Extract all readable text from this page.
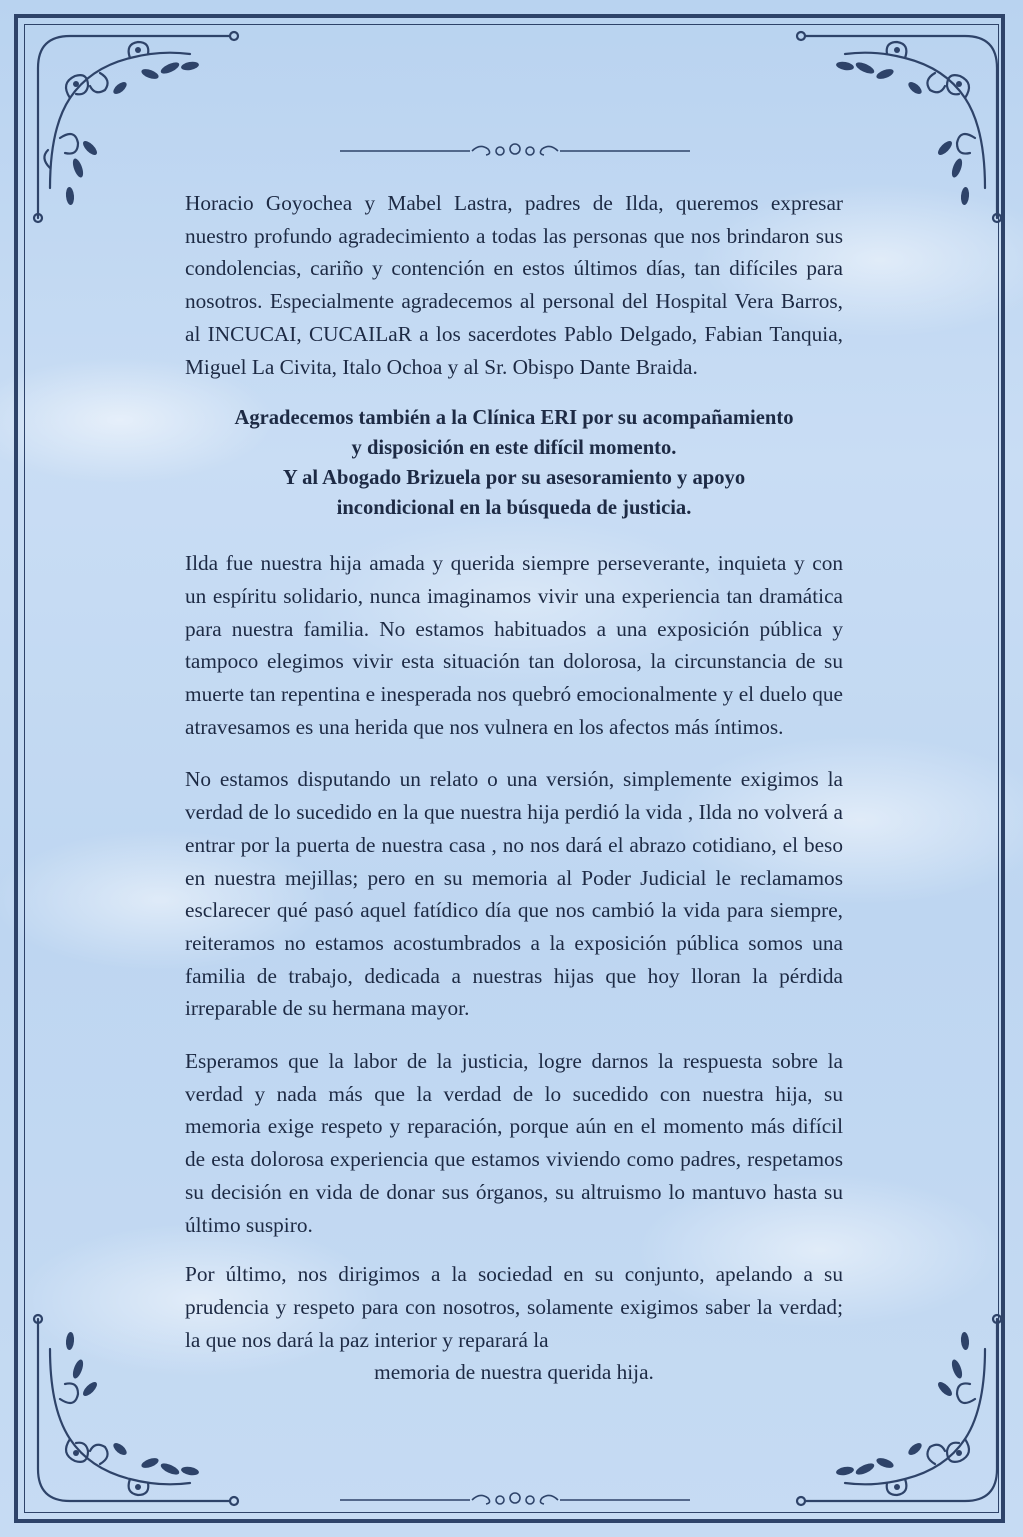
Horacio Goyochea y Mabel Lastra, padres de Ilda, queremos expresar nuestro profundo agradecimiento a todas las personas que nos brindaron sus condolencias, cariño y contención en estos últimos días, tan difíciles para nosotros. Especialmente agradecemos al personal del Hospital Vera Barros, al INCUCAI, CUCAILaR a los sacerdotes Pablo Delgado, Fabian Tanquia, Miguel La Civita, Italo Ochoa y al Sr. Obispo Dante Braida.

Agradecemos también a la Clínica ERI por su acompañamiento
y disposición en este difícil momento.
Y al Abogado Brizuela por su asesoramiento y apoyo
incondicional en la búsqueda de justicia.

Ilda fue nuestra hija amada y querida siempre perseverante, inquieta y con un espíritu solidario, nunca imaginamos vivir una experiencia tan dramática para nuestra familia. No estamos habituados a una exposición pública y tampoco elegimos vivir esta situación tan dolorosa, la circunstancia de su muerte tan repentina e inesperada nos quebró emocionalmente y el duelo que atravesamos es una herida que nos vulnera en los afectos más íntimos.

No estamos disputando un relato o una versión, simplemente exigimos la verdad de lo sucedido en la que nuestra hija perdió la vida , Ilda no volverá a entrar por la puerta de nuestra casa , no nos dará el abrazo cotidiano, el beso en nuestra mejillas; pero en su memoria al Poder Judicial le reclamamos esclarecer qué pasó aquel fatídico día que nos cambió la vida para siempre, reiteramos no estamos acostumbrados a la exposición pública somos una familia de trabajo, dedicada a nuestras hijas que hoy lloran la pérdida irreparable de su hermana mayor.

Esperamos que la labor de la justicia, logre darnos la respuesta sobre la verdad y nada más que la verdad de lo sucedido con nuestra hija, su memoria exige respeto y reparación, porque aún en el momento más difícil de esta dolorosa experiencia que estamos viviendo como padres, respetamos su decisión en vida de donar sus órganos, su altruismo lo mantuvo hasta su último suspiro.

Por último, nos dirigimos a la sociedad en su conjunto, apelando a su prudencia y respeto para con nosotros, solamente exigimos saber la verdad; la que nos dará la paz interior y reparará la

memoria de nuestra querida hija.
